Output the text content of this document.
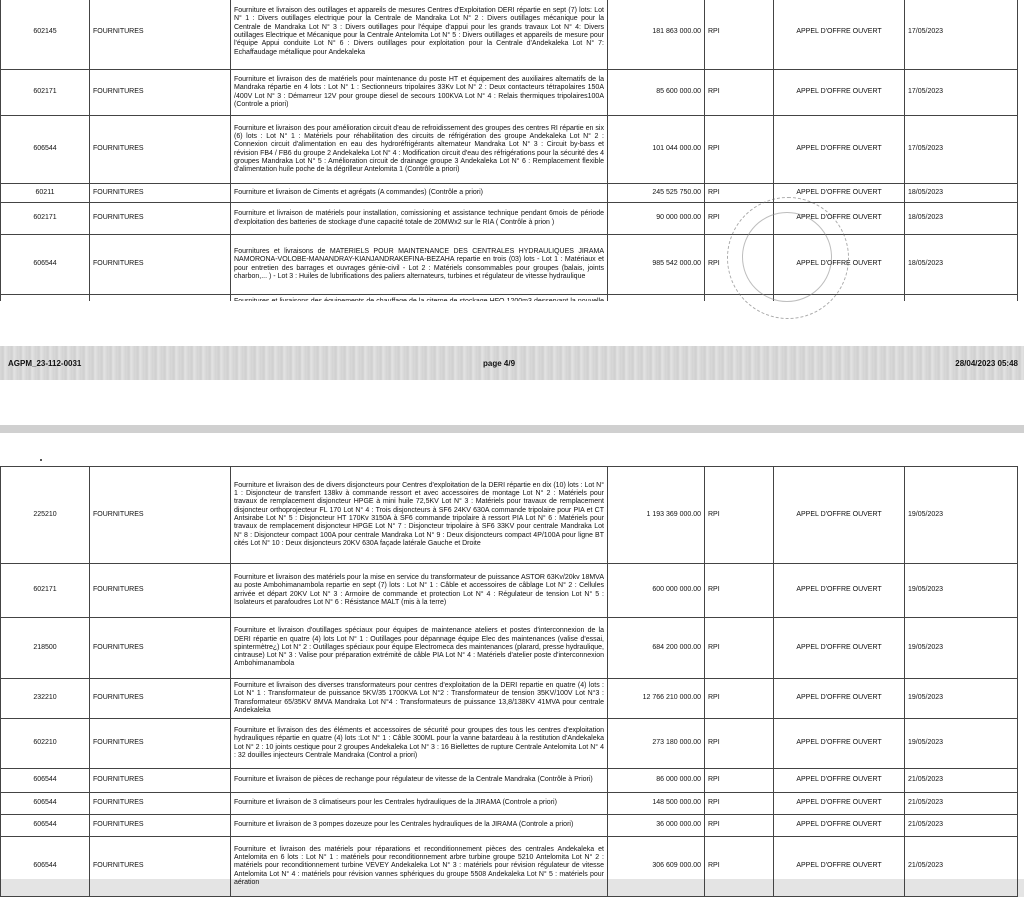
602145	FOURNITURES	Fourniture et livraison des outillages et appareils de mesures Centres d'Exploitation DERI répartie en sept (7) lots: Lot N° 1 : Divers outillages electrique pour la Centrale de Mandraka Lot N° 2 : Divers outillages mécanique pour la Centrale de Mandraka Lot N° 3 : Divers outillages pour l'équipe d'appui pour les grands travaux Lot N° 4: Divers outillages Electrique et Mécanique pour la Centrale Antelomita Lot N° 5 : Divers outillages et appareils de mesure pour l'équipe Appui conduite Lot N° 6 : Divers outillages pour exploitation pour la Centrale d'Andekaleka Lot N° 7: Echaffaudage métallique pour Andekaleka	181 863 000.00	RPI	APPEL D'OFFRE OUVERT	17/05/2023
602171	FOURNITURES	Fourniture et livraison des de matériels pour maintenance du poste HT et équipement des auxiliaires alternatifs de la Mandraka répartie en 4 lots : Lot N° 1 : Sectionneurs tripolaires 33Kv Lot N° 2 : Deux contacteurs tétrapolaires 150A /400V Lot N° 3 : Démarreur 12V pour groupe diesel de secours 100KVA Lot N° 4 : Relais thermiques tripolaires100A (Controle a priori)	85 600 000.00	RPI	APPEL D'OFFRE OUVERT	17/05/2023
606544	FOURNITURES	Fourniture et livraison des pour amélioration circuit d'eau de refroidissement des groupes des centres RI répartie en six (6) lots : Lot N° 1 : Matériels pour réhabilitation des circuits de réfrigération des groupe Andekaleka Lot N° 2 : Connexion circuit d'alimentation en eau des hydroréfrigérants alternateur Mandraka Lot N° 3 : Circuit by-bass et révision FB4 / FB6 du groupe 2 Andekaleka Lot N° 4 : Modification circuit d'eau des réfrigérations pour la sécurité des 4 groupes Mandraka Lot N° 5 : Amélioration circuit de drainage groupe 3 Andekaleka Lot N° 6 : Remplacement flexible d'alimentation huile poche de la dégrilleur Antelomita 1 (Contrôle a priori)	101 044 000.00	RPI	APPEL D'OFFRE OUVERT	17/05/2023
60211	FOURNITURES	Fourniture et livraison de Ciments et agrégats (A commandes) (Contrôle a priori)	245 525 750.00	RPI	APPEL D'OFFRE OUVERT	18/05/2023
602171	FOURNITURES	Fourniture et livraison de matériels pour installation, comissioning et assistance technique pendant 6mois de période d'exploitation des batteries de stockage d'une capacité totale de 20MWx2 sur le RIA ( Contrôle à prion )	90 000 000.00	RPI	APPEL D'OFFRE OUVERT	18/05/2023
606544	FOURNITURES	Fournitures et livraisons de MATERIELS POUR MAINTENANCE DES CENTRALES HYDRAULIQUES JIRAMA NAMORONA-VOLOBE-MANANDRAY-KIANJANDRAKEFINA-BEZAHA repartie en trois (03) lots - Lot 1 : Matériaux et pour entretien des barrages et ouvrages génie-civil - Lot 2 : Matériels consommables pour groupes (balais, joints charbon,... ) - Lot 3 : Huiles de lubrifications des paliers alternateurs, turbines et régulateur de vitesse hydraulique	985 542 000.00	RPI	APPEL D'OFFRE OUVERT	18/05/2023

AGPM_23-112-0031	page 4/9	28/04/2023 05:48
225210	FOURNITURES	Fourniture et livraison des de divers disjoncteurs pour Centres d'exploitation de la DERI répartie en dix (10) lots : Lot N° 1 : Disjoncteur de transfert 138kv à commande ressort et avec accessoires de montage Lot N° 2 : Matériels pour travaux de remplacement disjoncteur HPGE à mini huile 72,5KV Lot N° 3 : Matériels pour travaux de remplacement disjoncteur orthoprojecteur FL 170 Lot N° 4 : Trois disjoncteurs à SF6 24KV 630A commande tripolaire pour PIA et CT Antsirabe Lot N° 5 : Disjoncteur HT 170Kv 3150A à SF6 commande tripolaire à ressort PIA Lot N° 6 : Matériels pour travaux de remplacement disjoncteur HPGE Lot N° 7 : Disjoncteur tripolaire à SF6 33KV pour centrale Mandraka Lot N° 8 : Disjoncteur compact 100A pour centrale Mandraka Lot N° 9 : Deux disjoncteurs compact 4P/100A pour ligne BT cités Lot N° 10 : Deux disjoncteurs 20KV 630A façade latérale Gauche et Droite	1 193 369 000.00	RPI	APPEL D'OFFRE OUVERT	19/05/2023
602171	FOURNITURES	Fourniture et livraison des matériels pour la mise en service du transformateur de puissance ASTOR 63Kv/20kv 18MVA au poste Ambohimanambola repartie en sept (7) lots : Lot N° 1 : Câble et accessoires de câblage Lot N° 2 : Cellules arrivée et départ 20KV Lot N° 3 : Armoire de commande et protection Lot N° 4 : Régulateur de tension Lot N° 5 : Isolateurs et parafoudres Lot N° 6 : Résistance MALT (mis à la terre)	600 000 000.00	RPI	APPEL D'OFFRE OUVERT	19/05/2023
218500	FOURNITURES	Fourniture et livraison d'outillages spéciaux pour équipes de maintenance ateliers et postes d'interconnexion de la DERI répartie en quatre (4) lots Lot N° 1 : Outillages pour dépannage équipe Elec des maintenances (valise d'essai, spintermètre¿) Lot N° 2 : Outillages spéciaux pour équipe Electromeca des maintenances (plarard, presse hydraulique, cintrause) Lot N° 3 : Valise pour préparation extrémité de câble PIA Lot N° 4 : Matériels d'atelier poste d'interconnexion Ambohimanambola	684 200 000.00	RPI	APPEL D'OFFRE OUVERT	19/05/2023
232210	FOURNITURES	Fourniture et livraison des diverses transformateurs pour centres d'exploitation de la DERI repartie en quatre (4) lots : Lot N° 1 : Transformateur de puissance 5KV/35 1700KVA Lot N°2 : Transformateur de tension 35KV/100V Lot N°3 : Transformateur 65/35KV 8MVA Mandraka Lot N°4 : Transformateurs de puissance 13,8/138KV 41MVA pour centrale Andekaleka	12 766 210 000.00	RPI	APPEL D'OFFRE OUVERT	19/05/2023
602210	FOURNITURES	Fourniture et livraison des des éléments et accessoires de sécurité pour groupes des tous les centres d'exploitation hydrauliques répartie en quatre (4) lots :Lot N° 1 : Câble 300ML pour la vanne batardeau à la restitution d'Andekaleka Lot N° 2 : 10 joints cestique pour 2 groupes Andekaleka Lot N° 3 : 16 Biellettes de rupture Centrale Antelomita Lot N° 4 : 32 douilles injecteurs Centrale Mandraka (Control a priori)	273 180 000.00	RPI	APPEL D'OFFRE OUVERT	19/05/2023
606544	FOURNITURES	Fourniture et livraison de pièces de rechange pour régulateur de vitesse de la Centrale Mandraka (Contrôle à Priori)	86 000 000.00	RPI	APPEL D'OFFRE OUVERT	21/05/2023
606544	FOURNITURES	Fourniture et livraison de 3 climatiseurs pour les Centrales hydrauliques de la JIRAMA (Controle a priori)	148 500 000.00	RPI	APPEL D'OFFRE OUVERT	21/05/2023
606544	FOURNITURES	Fourniture et livraison de 3 pompes dozeuze pour les Centrales hydrauliques de la JIRAMA (Controle a priori)	36 000 000.00	RPI	APPEL D'OFFRE OUVERT	21/05/2023
606544	FOURNITURES	Fourniture et livraison des matériels pour réparations et reconditionnement pièces des centrales Andekaleka et Antelomita en 6 lots : Lot N° 1 : matériels pour reconditionnement arbre turbine groupe 5210 Antelomita Lot N° 2 : matériels pour reconditionnement turbine VEVEY Andekaleka Lot N° 3 : matériels pour révision régulateur de vitesse Antelomita Lot N° 4 : matériels pour révision vannes sphériques du groupe 5508 Andekaleka Lot N° 5 : matériels pour aération	306 609 000.00	RPI	APPEL D'OFFRE OUVERT	21/05/2023
